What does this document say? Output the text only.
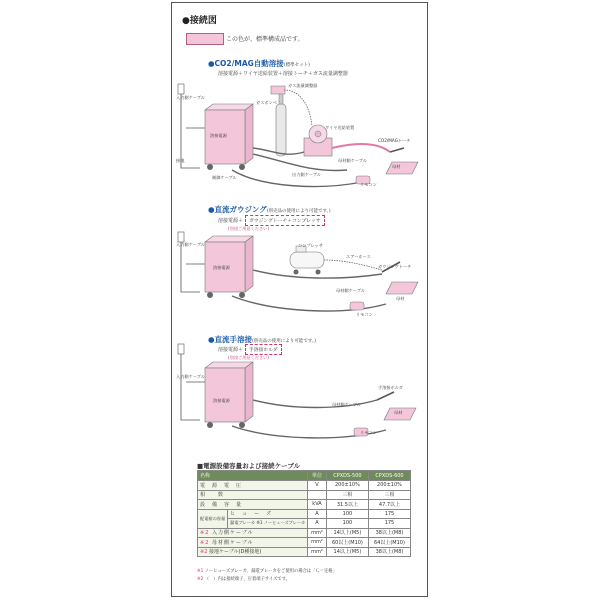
●接続図
この色が、標準構成品です。
●CO2/MAG自動溶接(標準セット)
溶接電源＋ワイヤ送給装置＋溶接トーチ＋ガス流量調整器
入力側ケーブル
溶接電源
接地
ガス流量調整器
ガスボンベ
ワイヤ送給装置
CO2/MAGトーチ
母材
母材側ケーブル
出力側ケーブル
制御ケーブル
リモコン
●直流ガウジング(別売品の使用により可能です。)
溶接電源＋	ガウジングトーチ＋コンプレッサ
(別途ご用意ください)
入力側ケーブル
溶接電源
コンプレッサ
エアーホース
ガウジングトーチ
母材
母材側ケーブル
リモコン
●直流手溶接(別売品の使用により可能です。)
溶接電源＋	手溶接ホルダ
(別途ご用意ください)
入力側ケーブル
溶接電源
手溶接ホルダ
母材
母材側ケーブル
リモコン
■電源設備容量および接続ケーブル
名称		単位	CPXDS-500	CPXDS-600
電　源　電　圧		V	200±10%	200±10%
相　　数			三相	三相
設　備　容　量		kVA	31.5以上	47.7以上
配電箱の容量	ヒ　ュ　ー　ズ	A	100	175
	漏電ブレーカ ※1 ノーヒューズブレーカ	A	100	175
※2 入力側ケーブル		mm²	14以上(M5)	38以上(M8)
※2 母材側ケーブル		mm²	60以上(M10)	64以上(M10)
※2 接地ケーブル(D種接地)		mm²	14以上(M5)	38以上(M8)
※1 ノーヒューズブレーカ、漏電ブレーカをご使用の場合は「Ｃ＝定格」
※2 （　）内は接続端子、圧着端子サイズです。
